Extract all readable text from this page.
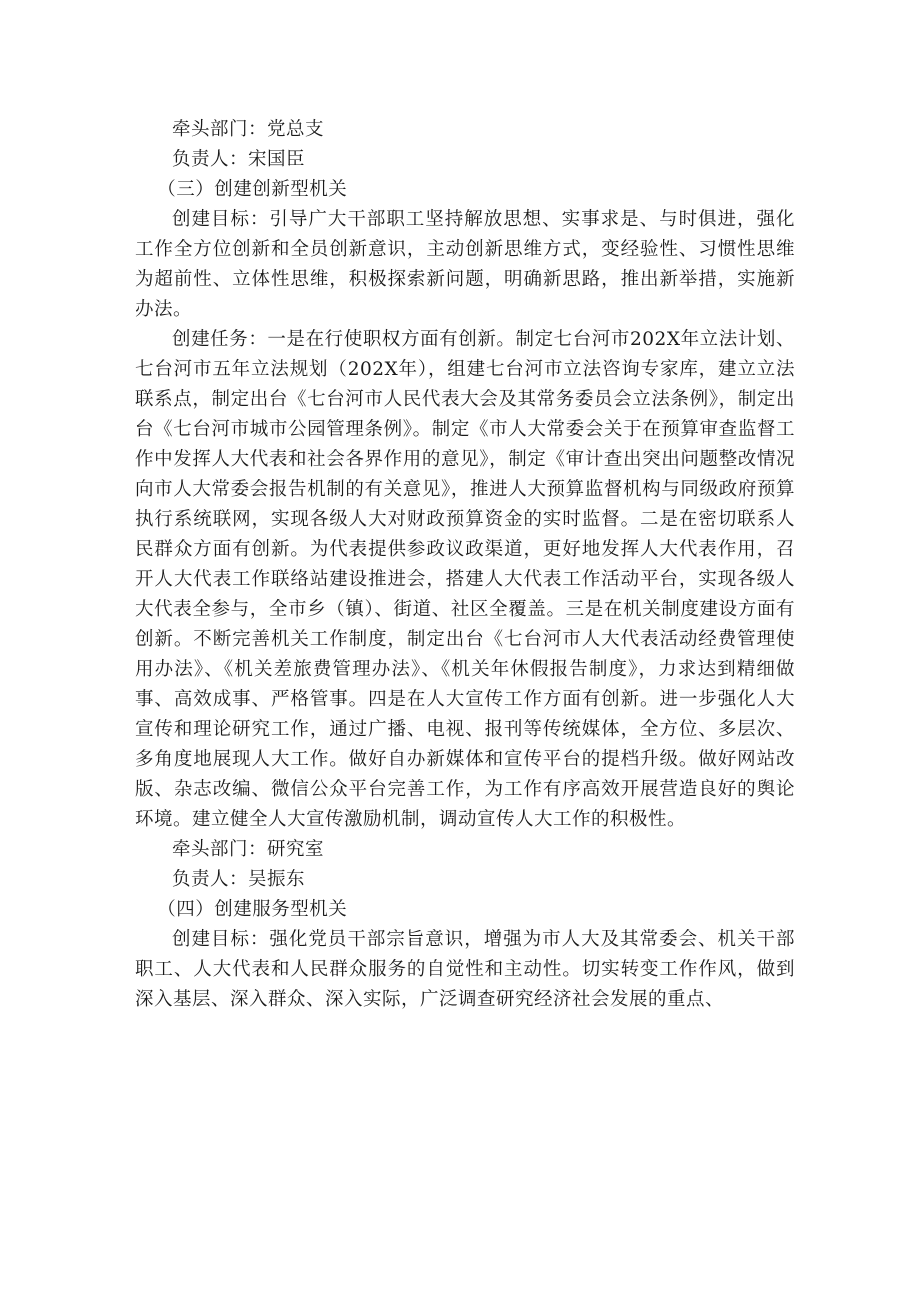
牵头部门：党总支

负责人：宋国臣

（三）创建创新型机关

创建目标：引导广大干部职工坚持解放思想、实事求是、与时俱进，强化工作全方位创新和全员创新意识，主动创新思维方式，变经验性、习惯性思维为超前性、立体性思维，积极探索新问题，明确新思路，推出新举措，实施新办法。

创建任务：一是在行使职权方面有创新。制定七台河市202X年立法计划、七台河市五年立法规划（202X年），组建七台河市立法咨询专家库，建立立法联系点，制定出台《七台河市人民代表大会及其常务委员会立法条例》，制定出台《七台河市城市公园管理条例》。制定《市人大常委会关于在预算审查监督工作中发挥人大代表和社会各界作用的意见》，制定《审计查出突出问题整改情况向市人大常委会报告机制的有关意见》，推进人大预算监督机构与同级政府预算执行系统联网，实现各级人大对财政预算资金的实时监督。二是在密切联系人民群众方面有创新。为代表提供参政议政渠道，更好地发挥人大代表作用，召开人大代表工作联络站建设推进会，搭建人大代表工作活动平台，实现各级人大代表全参与，全市乡（镇）、街道、社区全覆盖。三是在机关制度建设方面有创新。不断完善机关工作制度，制定出台《七台河市人大代表活动经费管理使用办法》、《机关差旅费管理办法》、《机关年休假报告制度》，力求达到精细做事、高效成事、严格管事。四是在人大宣传工作方面有创新。进一步强化人大宣传和理论研究工作，通过广播、电视、报刊等传统媒体，全方位、多层次、多角度地展现人大工作。做好自办新媒体和宣传平台的提档升级。做好网站改版、杂志改编、微信公众平台完善工作，为工作有序高效开展营造良好的舆论环境。建立健全人大宣传激励机制，调动宣传人大工作的积极性。

牵头部门：研究室

负责人：吴振东

（四）创建服务型机关

创建目标：强化党员干部宗旨意识，增强为市人大及其常委会、机关干部职工、人大代表和人民群众服务的自觉性和主动性。切实转变工作作风，做到深入基层、深入群众、深入实际，广泛调查研究经济社会发展的重点、
